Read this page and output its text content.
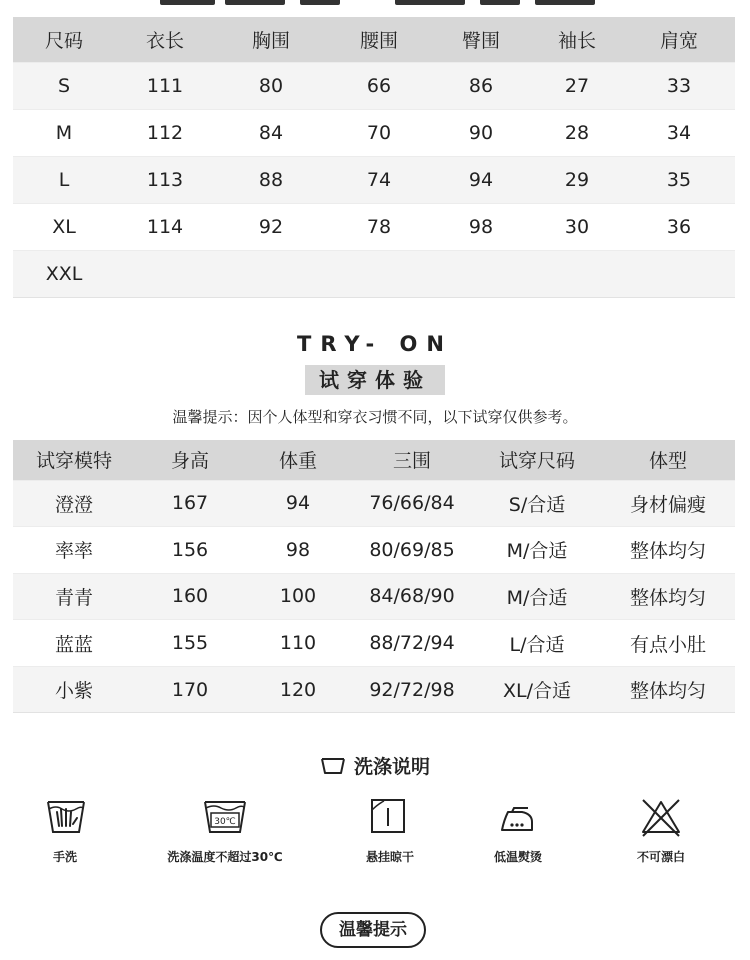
尺码	衣长	胸围	腰围	臀围	袖长	肩宽
S	111	80	66	86	27	33
M	112	84	70	90	28	34
L	113	88	74	94	29	35
XL	114	92	78	98	30	36
XXL						
TRY- ON
试穿体验
温馨提示：因个人体型和穿衣习惯不同，以下试穿仅供参考。
试穿模特	身高	体重	三围	试穿尺码	体型
澄澄	167	94	76/66/84	S/合适	身材偏瘦
率率	156	98	80/69/85	M/合适	整体均匀
青青	160	100	84/68/90	M/合适	整体均匀
蓝蓝	155	110	88/72/94	L/合适	有点小肚
小紫	170	120	92/72/98	XL/合适	整体均匀
洗涤说明
手洗
30℃
洗涤温度不超过30℃	悬挂晾干	低温熨烫	不可漂白
温馨提示
